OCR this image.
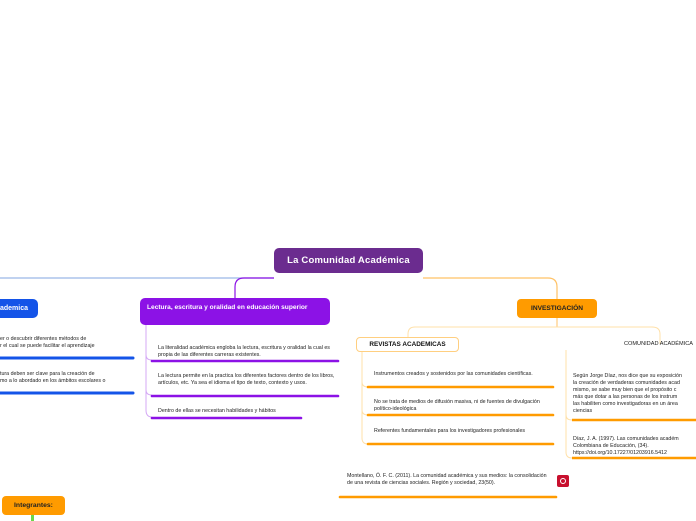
La Comunidad Académica
ademica
er o descubrir diferentes métodos de
r el cual se puede facilitar el aprendizaje
tura deben ser clave para la creación de
mo a lo abordado en los ámbitos escolares o
Lectura, escritura y oralidad en educación superior
La literalidad académica engloba la lectura, escritura y oralidad la cual es propia de las diferentes carreras existentes.
La lectura permite en la practica los diferentes factores dentro de los libros, artículos, etc. Ya sea el idioma el tipo de texto, contexto y usos.
Dentro de ellas se necesitan habilidades y hábitos
INVESTIGACIÓN
REVISTAS ACADEMICAS
Instrumentos creados y sostenidos por las comunidades científicas.
No se trata de medios de difusión masiva, ni de fuentes de divulgación político-ideológica
Referentes fundamentales para los investigadores profesionales
COMUNIDAD ACADÉMICA
Según Jorge Díaz, nos dice que su exposición
la creación de verdaderas comunidades acad
mismo, se sabe muy bien que el propósito c
más que dotar a las personas de los instrum
las habiliten como investigadoras en un área
ciencias
Díaz, J. A. (1997). Las comunidades académ
Colombiana de Educación, (34).
https://doi.org/10.17227/01203916.5412
Montellano, Ó. F. C. (2011). La comunidad académica y sus medios: la consolidación de una revista de ciencias sociales. Región y sociedad, 23(50).
Integrantes:
